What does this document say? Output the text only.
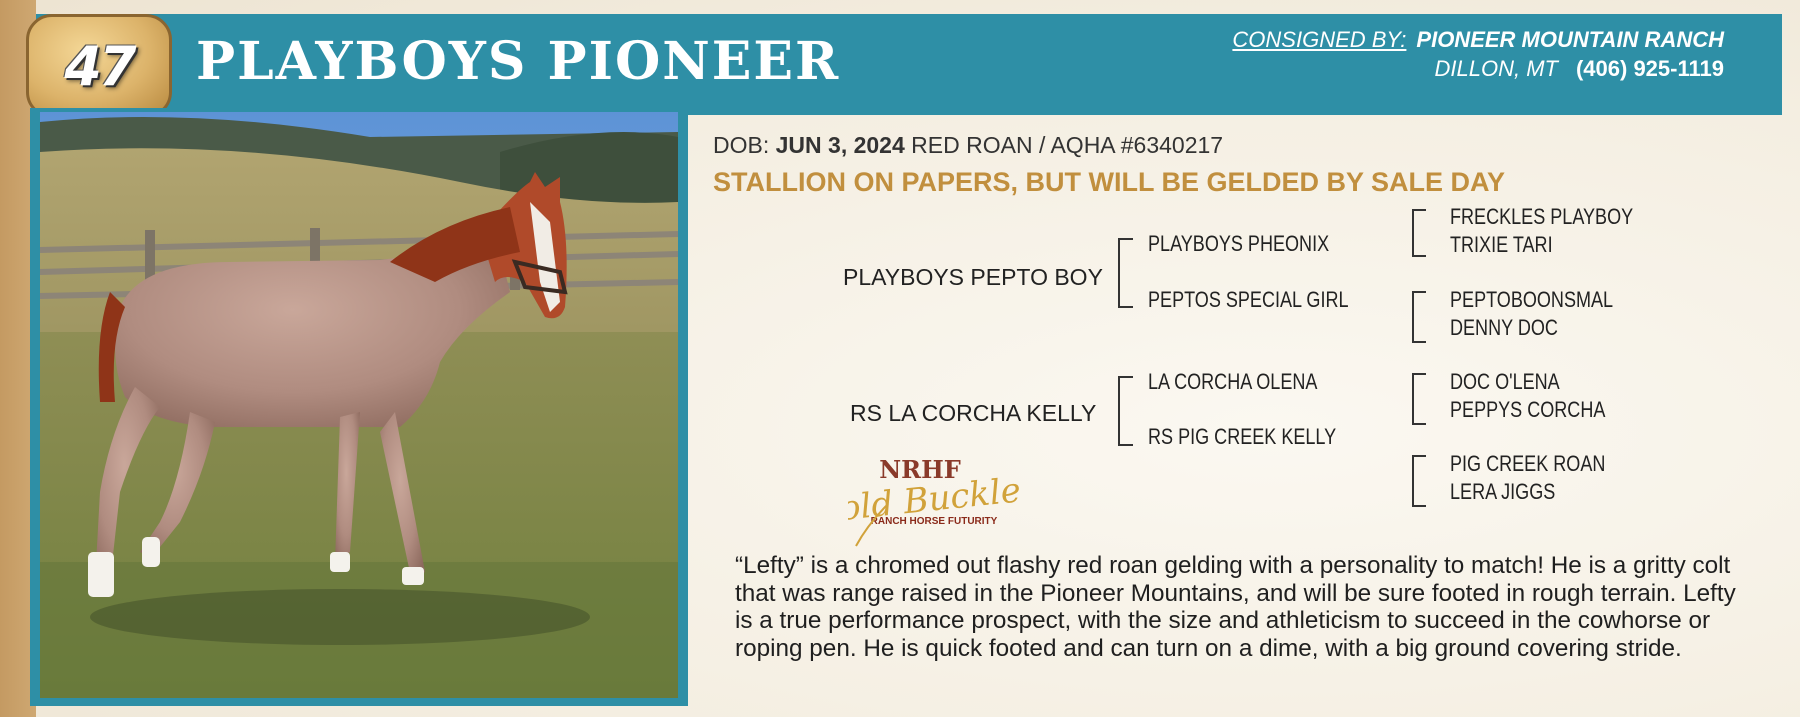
47 PLAYBOYS PIONEER	CONSIGNED BY: PIONEER MOUNTAIN RANCH
DILLON, MT (406) 925-1119
DOB: JUN 3, 2024 RED ROAN / AQHA #6340217
STALLION ON PAPERS, BUT WILL BE GELDED BY SALE DAY
PLAYBOYS PEPTO BOY
RS LA CORCHA KELLY
PLAYBOYS PHEONIX
PEPTOS SPECIAL GIRL
LA CORCHA OLENA
RS PIG CREEK KELLY
FRECKLES PLAYBOY
TRIXIE TARI
PEPTOBOONSMAL
DENNY DOC
DOC O'LENA
PEPPYS CORCHA
PIG CREEK ROAN
LERA JIGGS
NRHF
Gold Buckle
RANCH HORSE FUTURITY
“Lefty” is a chromed out flashy red roan gelding with a personality to match! He is a gritty colt that was range raised in the Pioneer Mountains, and will be sure footed in rough terrain. Lefty is a true performance prospect, with the size and athleticism to succeed in the cowhorse or roping pen. He is quick footed and can turn on a dime, with a big ground covering stride.
